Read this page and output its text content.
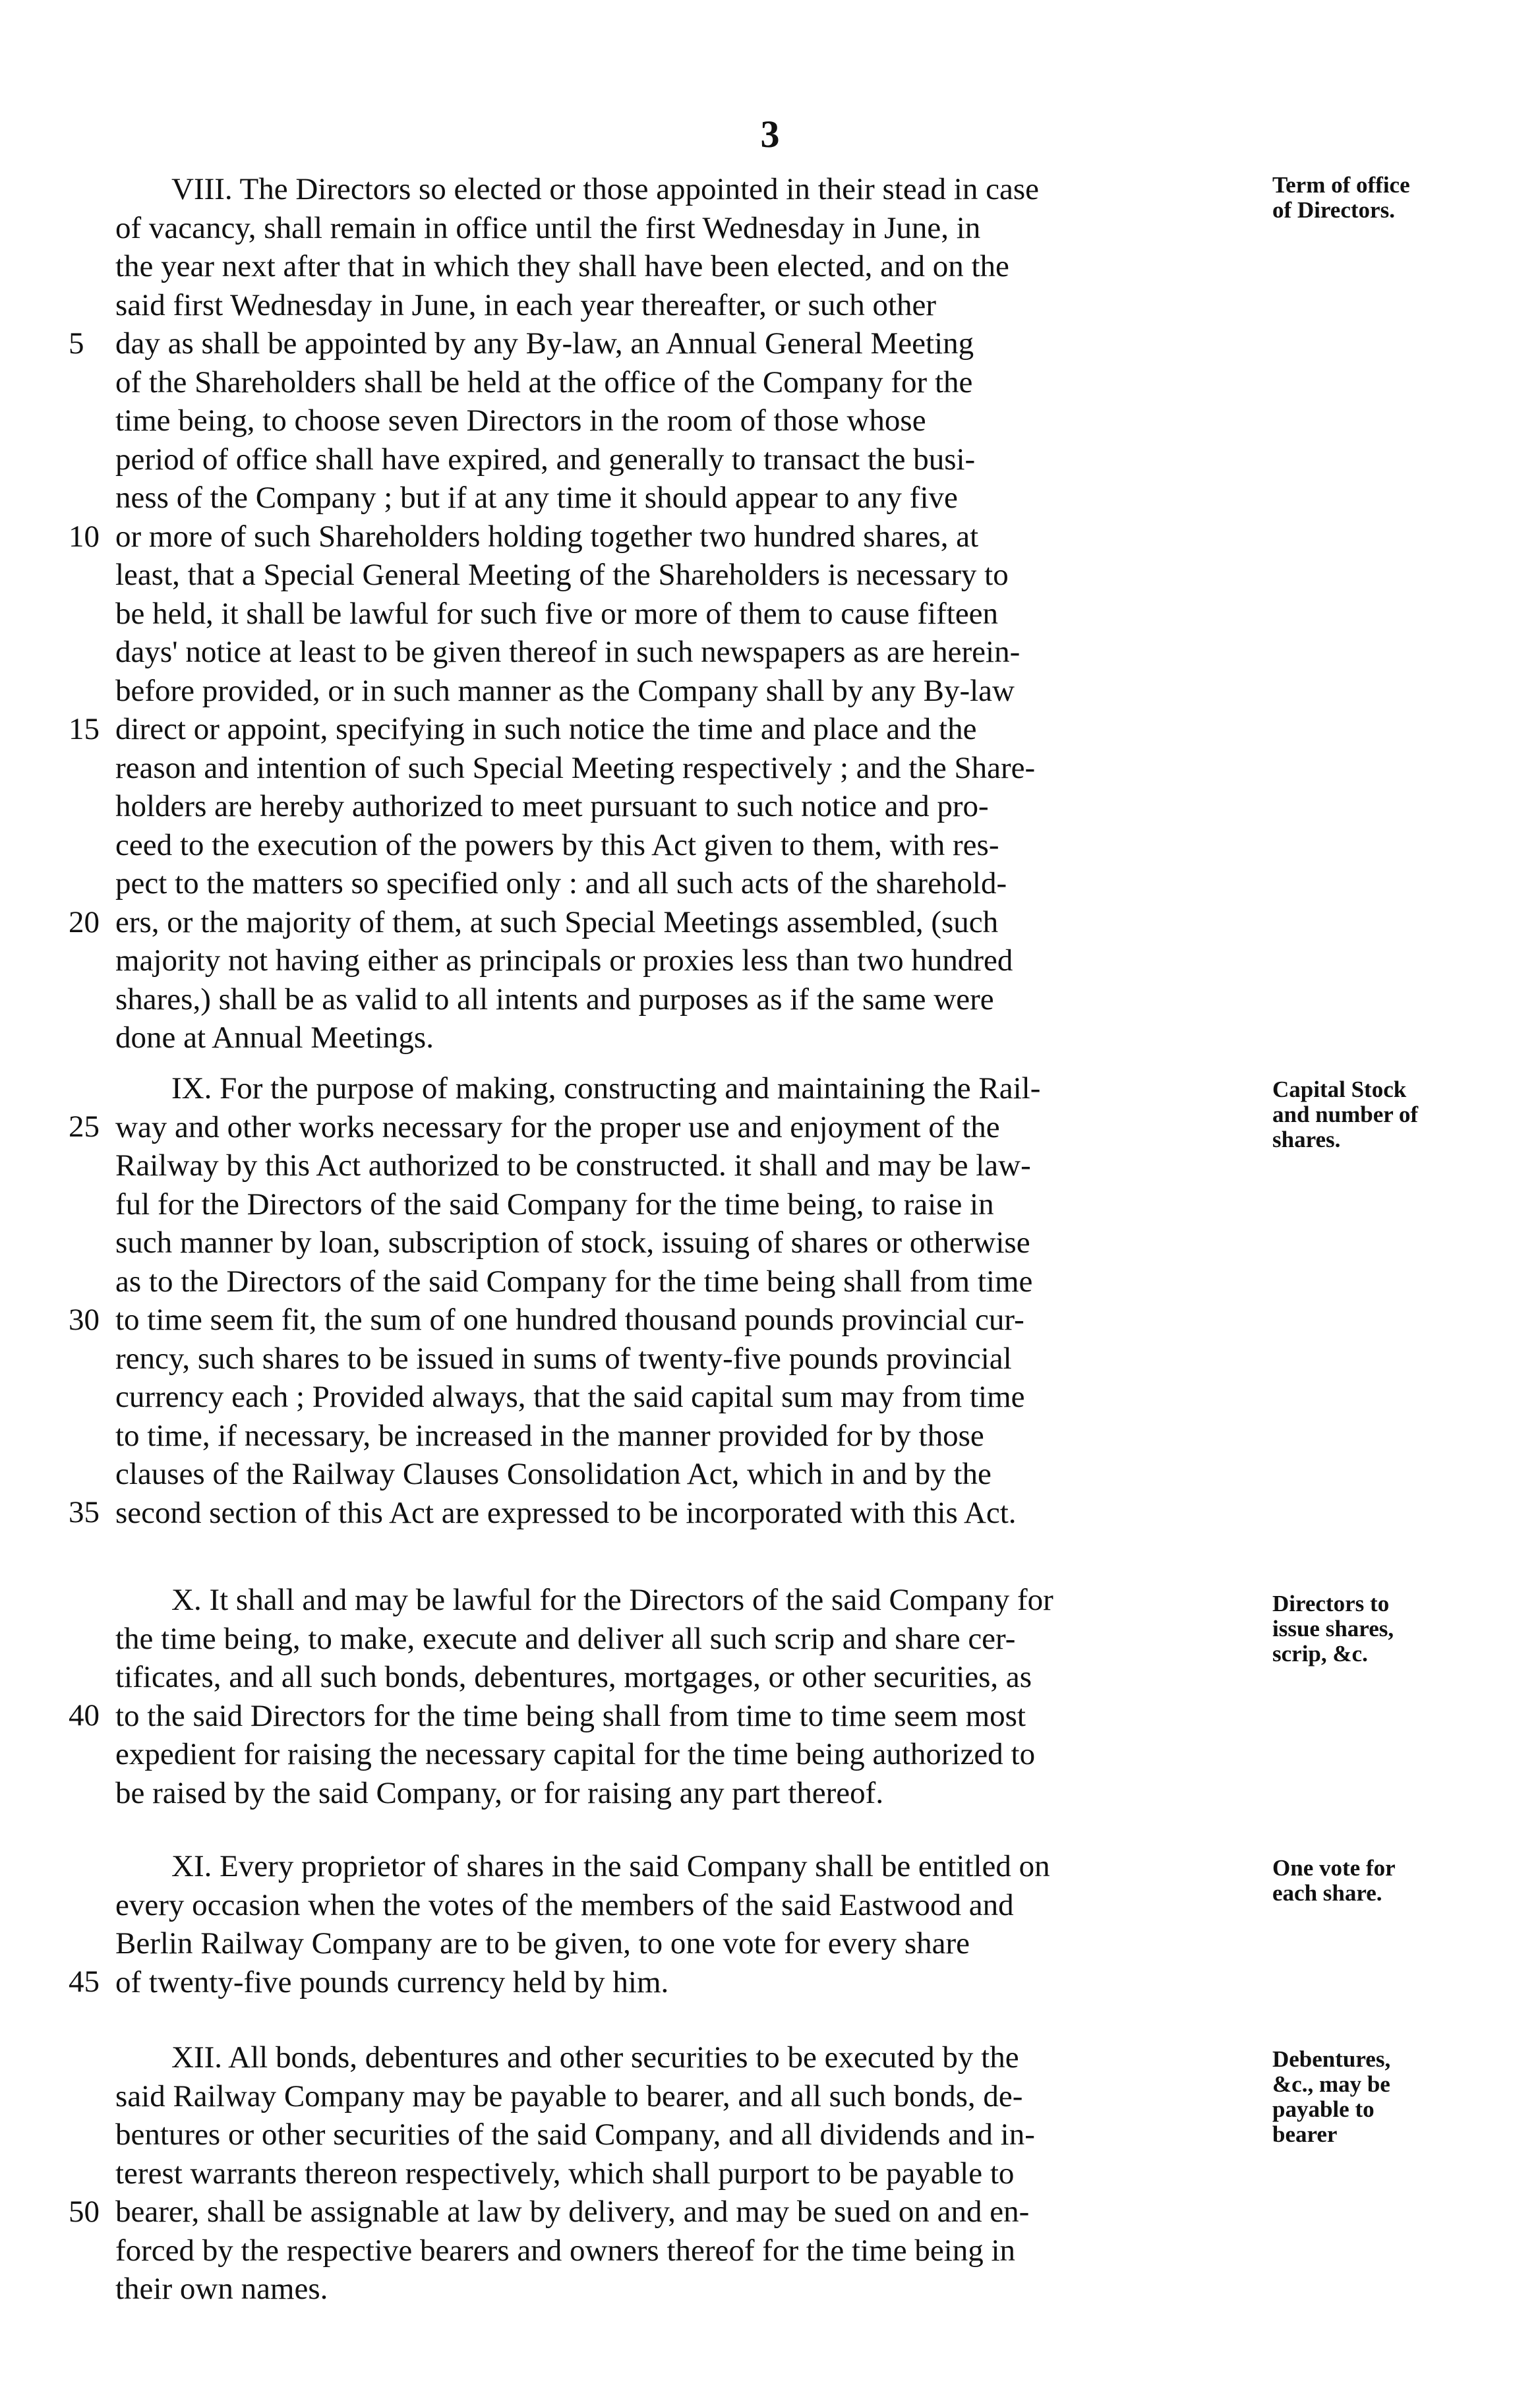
3
VIII. The Directors so elected or those appointed in their stead in case
of vacancy, shall remain in office until the first Wednesday in June, in
the year next after that in which they shall have been elected, and on the
said first Wednesday in June, in each year thereafter, or such other
day as shall be appointed by any By-law, an Annual General Meeting
of the Shareholders shall be held at the office of the Company for the
time being, to choose seven Directors in the room of those whose
period of office shall have expired, and generally to transact the busi-
ness of the Company ; but if at any time it should appear to any five
or more of such Shareholders holding together two hundred shares, at
least, that a Special General Meeting of the Shareholders is necessary to
be held, it shall be lawful for such five or more of them to cause fifteen
days' notice at least to be given thereof in such newspapers as are herein-
before provided, or in such manner as the Company shall by any By-law
direct or appoint, specifying in such notice the time and place and the
reason and intention of such Special Meeting respectively ; and the Share-
holders are hereby authorized to meet pursuant to such notice and pro-
ceed to the execution of the powers by this Act given to them, with res-
pect to the matters so specified only : and all such acts of the sharehold-
ers, or the majority of them, at such Special Meetings assembled, (such
majority not having either as principals or proxies less than two hundred
shares,) shall be as valid to all intents and purposes as if the same were
done at Annual Meetings.
5
10
15
20
Term of office
of Directors.
IX. For the purpose of making, constructing and maintaining the Rail-
way and other works necessary for the proper use and enjoyment of the
Railway by this Act authorized to be constructed. it shall and may be law-
ful for the Directors of the said Company for the time being, to raise in
such manner by loan, subscription of stock, issuing of shares or otherwise
as to the Directors of the said Company for the time being shall from time
to time seem fit, the sum of one hundred thousand pounds provincial cur-
rency, such shares to be issued in sums of twenty-five pounds provincial
currency each ; Provided always, that the said capital sum may from time
to time, if necessary, be increased in the manner provided for by those
clauses of the Railway Clauses Consolidation Act, which in and by the
second section of this Act are expressed to be incorporated with this Act.
25
30
35
Capital Stock
and number of
shares.
X. It shall and may be lawful for the Directors of the said Company for
the time being, to make, execute and deliver all such scrip and share cer-
tificates, and all such bonds, debentures, mortgages, or other securities, as
to the said Directors for the time being shall from time to time seem most
expedient for raising the necessary capital for the time being authorized to
be raised by the said Company, or for raising any part thereof.
40
Directors to
issue shares,
scrip, &c.
XI. Every proprietor of shares in the said Company shall be entitled on
every occasion when the votes of the members of the said Eastwood and
Berlin Railway Company are to be given, to one vote for every share
of twenty-five pounds currency held by him.
45
One vote for
each share.
XII. All bonds, debentures and other securities to be executed by the
said Railway Company may be payable to bearer, and all such bonds, de-
bentures or other securities of the said Company, and all dividends and in-
terest warrants thereon respectively, which shall purport to be payable to
bearer, shall be assignable at law by delivery, and may be sued on and en-
forced by the respective bearers and owners thereof for the time being in
their own names.
50
Debentures,
&c., may be
payable to
bearer
